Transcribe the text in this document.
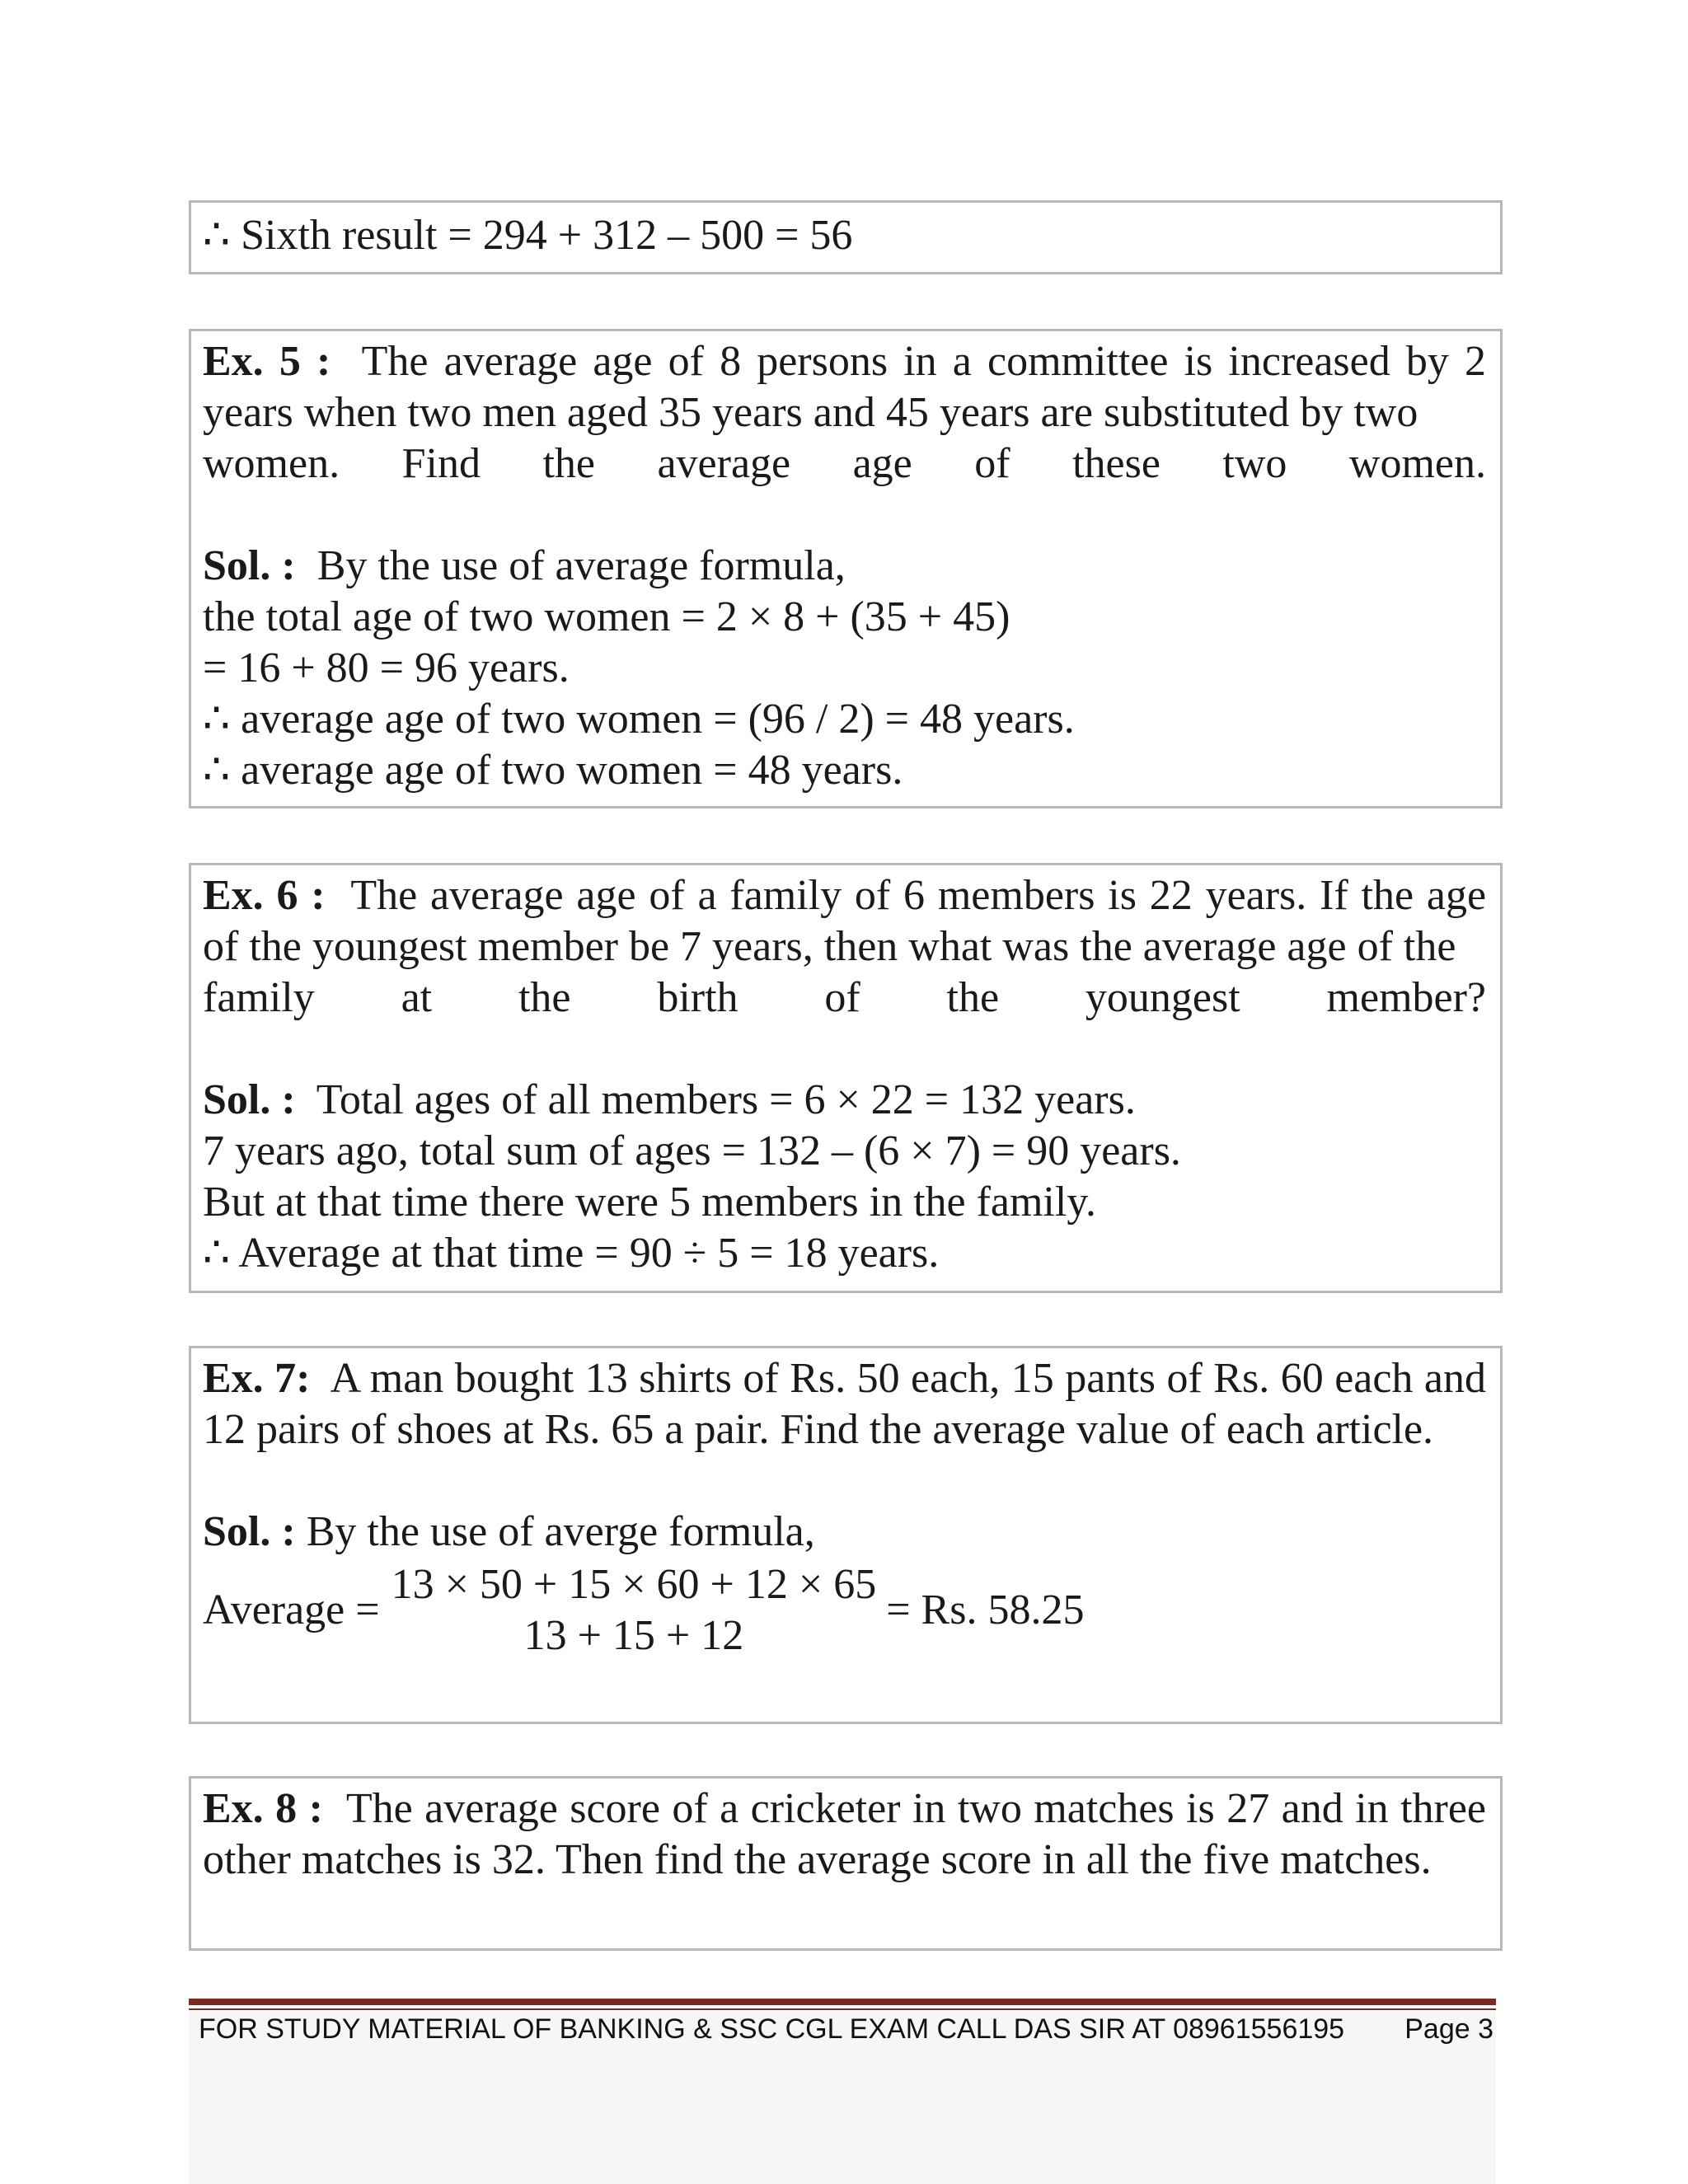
∴ Sixth result = 294 + 312 – 500 = 56
Ex. 5 : The average age of 8 persons in a committee is increased by 2 years when two men aged 35 years and 45 years are substituted by two
women. Find the average age of these two women.
Sol. : By the use of average formula,
the total age of two women = 2 × 8 + (35 + 45)
= 16 + 80 = 96 years.
∴ average age of two women = (96 / 2) = 48 years.
∴ average age of two women = 48 years.
Ex. 6 : The average age of a family of 6 members is 22 years. If the age of the youngest member be 7 years, then what was the average age of the
family at the birth of the youngest member?
Sol. : Total ages of all members = 6 × 22 = 132 years.
7 years ago, total sum of ages = 132 – (6 × 7) = 90 years.
But at that time there were 5 members in the family.
∴ Average at that time = 90 ÷ 5 = 18 years.
Ex. 7: A man bought 13 shirts of Rs. 50 each, 15 pants of Rs. 60 each and 12 pairs of shoes at Rs. 65 a pair. Find the average value of each article.
Sol. : By the use of averge formula,
Average =
13 × 50 + 15 × 60 + 12 × 65
13 + 15 + 12
= Rs. 58.25
Ex. 8 : The average score of a cricketer in two matches is 27 and in three other matches is 32. Then find the average score in all the five matches.
FOR STUDY MATERIAL OF BANKING & SSC CGL EXAM CALL DAS SIR AT 08961556195 Page 3
